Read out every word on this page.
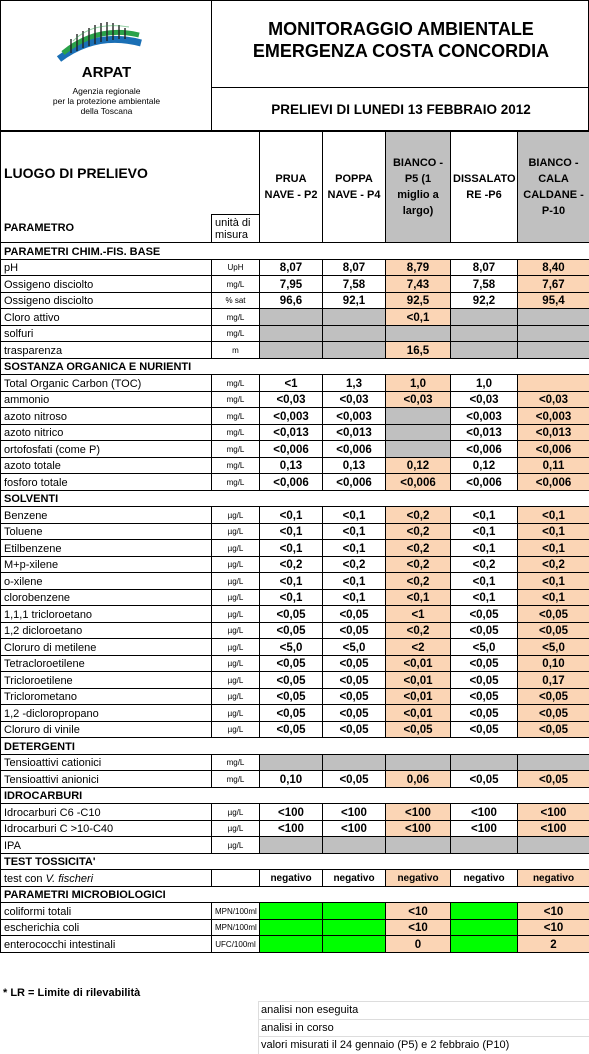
ARPAT
Agenzia regionale
per la protezione ambientale
della Toscana
MONITORAGGIO AMBIENTALE
EMERGENZA COSTA CONCORDIA
PRELIEVI DI LUNEDI 13 FEBBRAIO 2012
LUOGO DI PRELIEVO		PRUA NAVE - P2	POPPA NAVE - P4	BIANCO - P5 (1 miglio a largo)	DISSALATO RE -P6	BIANCO - CALA CALDANE - P-10
PARAMETRO	unità di misura					
PARAMETRI CHIM.-FIS. BASE						
pH	UpH	8,07	8,07	8,79	8,07	8,40
Ossigeno disciolto	mg/L	7,95	7,58	7,43	7,58	7,67
Ossigeno disciolto	% sat	96,6	92,1	92,5	92,2	95,4
Cloro attivo	mg/L			<0,1		
solfuri	mg/L					
trasparenza	m			16,5		
SOSTANZA ORGANICA E NURIENTI						
Total Organic Carbon (TOC)	mg/L	<1	1,3	1,0	1,0	
ammonio	mg/L	<0,03	<0,03	<0,03	<0,03	<0,03
azoto nitroso	mg/L	<0,003	<0,003		<0,003	<0,003
azoto nitrico	mg/L	<0,013	<0,013		<0,013	<0,013
ortofosfati (come P)	mg/L	<0,006	<0,006		<0,006	<0,006
azoto totale	mg/L	0,13	0,13	0,12	0,12	0,11
fosforo totale	mg/L	<0,006	<0,006	<0,006	<0,006	<0,006
SOLVENTI						
Benzene	µg/L	<0,1	<0,1	<0,2	<0,1	<0,1
Toluene	µg/L	<0,1	<0,1	<0,2	<0,1	<0,1
Etilbenzene	µg/L	<0,1	<0,1	<0,2	<0,1	<0,1
M+p-xilene	µg/L	<0,2	<0,2	<0,2	<0,2	<0,2
o-xilene	µg/L	<0,1	<0,1	<0,2	<0,1	<0,1
clorobenzene	µg/L	<0,1	<0,1	<0,1	<0,1	<0,1
1,1,1 tricloroetano	µg/L	<0,05	<0,05	<1	<0,05	<0,05
1,2 dicloroetano	µg/L	<0,05	<0,05	<0,2	<0,05	<0,05
Cloruro di metilene	µg/L	<5,0	<5,0	<2	<5,0	<5,0
Tetracloroetilene	µg/L	<0,05	<0,05	<0,01	<0,05	0,10
Tricloroetilene	µg/L	<0,05	<0,05	<0,01	<0,05	0,17
Triclorometano	µg/L	<0,05	<0,05	<0,01	<0,05	<0,05
1,2 -dicloropropano	µg/L	<0,05	<0,05	<0,01	<0,05	<0,05
Cloruro di vinile	µg/L	<0,05	<0,05	<0,05	<0,05	<0,05
DETERGENTI						
Tensioattivi cationici	mg/L					
Tensioattivi anionici	mg/L	0,10	<0,05	0,06	<0,05	<0,05
IDROCARBURI						
Idrocarburi C6 -C10	µg/L	<100	<100	<100	<100	<100
Idrocarburi C >10-C40	µg/L	<100	<100	<100	<100	<100
IPA	µg/L					
TEST TOSSICITA'						
test con V. fischeri		negativo	negativo	negativo	negativo	negativo
PARAMETRI MICROBIOLOGICI						
coliformi totali	MPN/100ml			<10		<10
escherichia coli	MPN/100ml			<10		<10
enterococchi intestinali	UFC/100ml			0		2
* LR = Limite di rilevabilità
analisi non eseguita
analisi in corso
valori misurati il 24 gennaio (P5) e 2 febbraio (P10)
